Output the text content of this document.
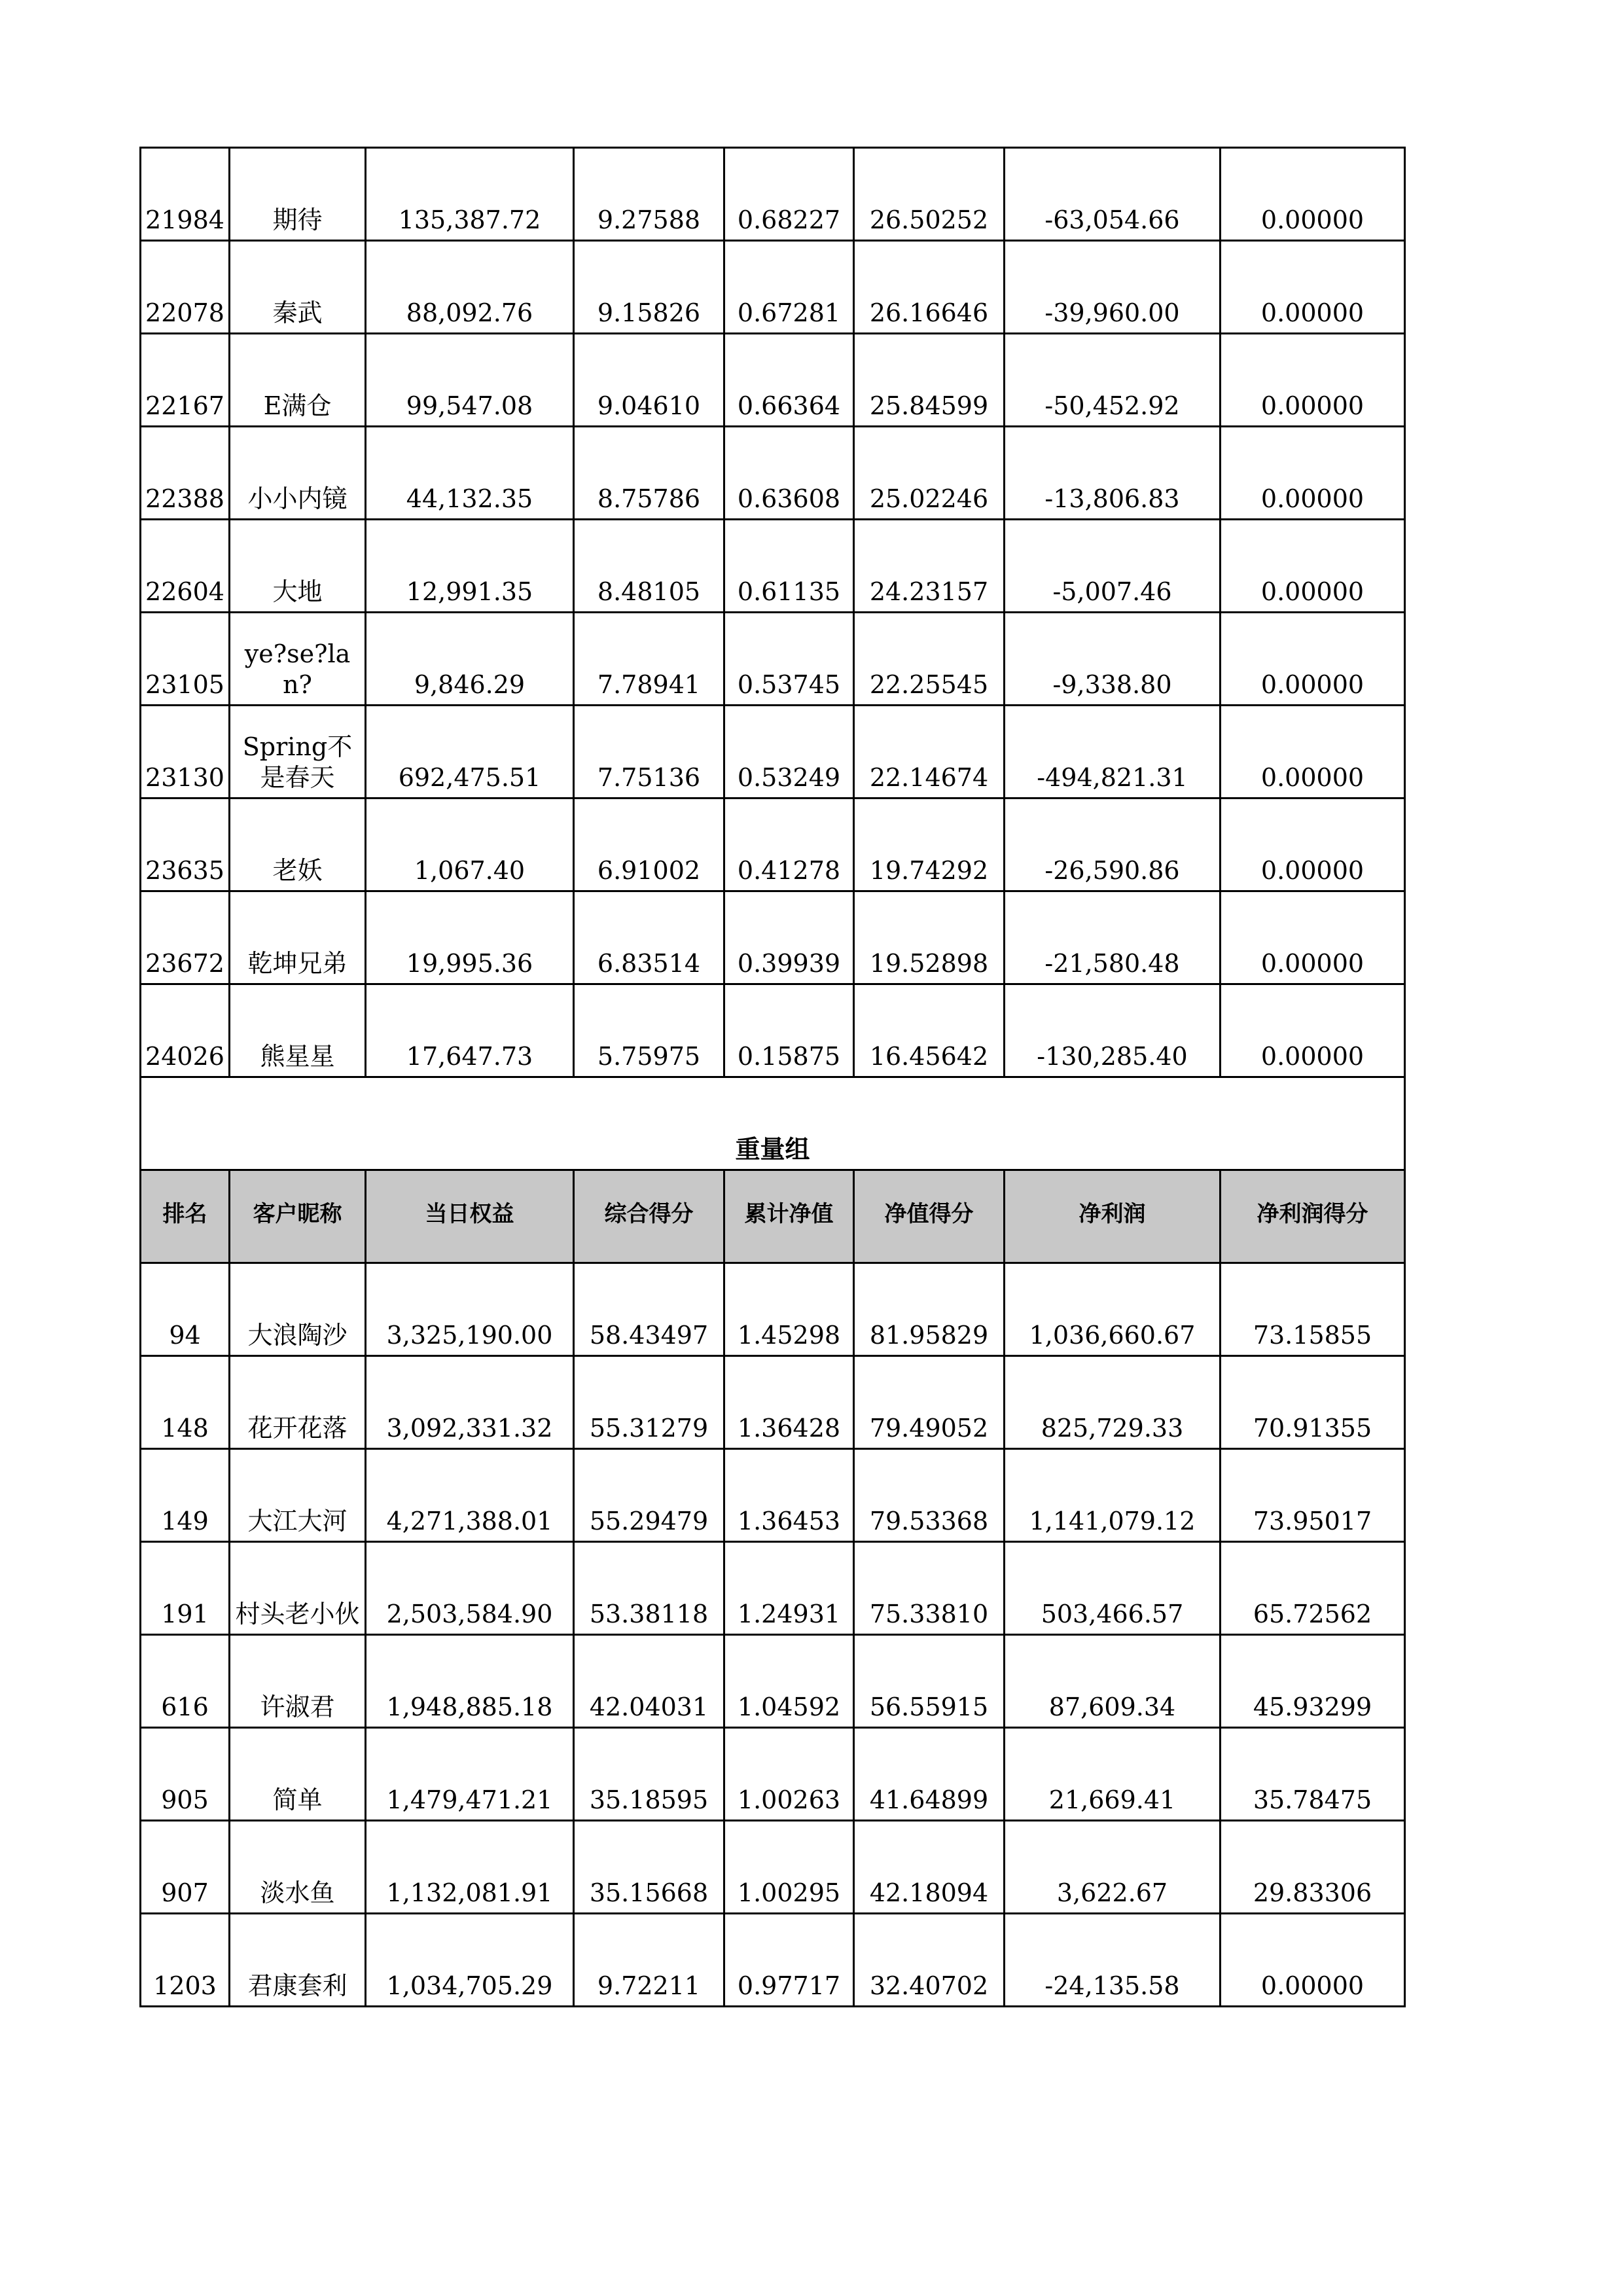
21984	期待	135,387.72	9.27588	0.68227	26.50252	-63,054.66	0.00000
22078	秦武	88,092.76	9.15826	0.67281	26.16646	-39,960.00	0.00000
22167	E满仓	99,547.08	9.04610	0.66364	25.84599	-50,452.92	0.00000
22388	小小内镜	44,132.35	8.75786	0.63608	25.02246	-13,806.83	0.00000
22604	大地	12,991.35	8.48105	0.61135	24.23157	-5,007.46	0.00000
23105	ye?se?lan?	9,846.29	7.78941	0.53745	22.25545	-9,338.80	0.00000
23130	Spring不是春天	692,475.51	7.75136	0.53249	22.14674	-494,821.31	0.00000
23635	老妖	1,067.40	6.91002	0.41278	19.74292	-26,590.86	0.00000
23672	乾坤兄弟	19,995.36	6.83514	0.39939	19.52898	-21,580.48	0.00000
24026	熊星星	17,647.73	5.75975	0.15875	16.45642	-130,285.40	0.00000
重量组							
排名	客户昵称	当日权益	综合得分	累计净值	净值得分	净利润	净利润得分
94	大浪陶沙	3,325,190.00	58.43497	1.45298	81.95829	1,036,660.67	73.15855
148	花开花落	3,092,331.32	55.31279	1.36428	79.49052	825,729.33	70.91355
149	大江大河	4,271,388.01	55.29479	1.36453	79.53368	1,141,079.12	73.95017
191	村头老小伙	2,503,584.90	53.38118	1.24931	75.33810	503,466.57	65.72562
616	许淑君	1,948,885.18	42.04031	1.04592	56.55915	87,609.34	45.93299
905	简单	1,479,471.21	35.18595	1.00263	41.64899	21,669.41	35.78475
907	淡水鱼	1,132,081.91	35.15668	1.00295	42.18094	3,622.67	29.83306
1203	君康套利	1,034,705.29	9.72211	0.97717	32.40702	-24,135.58	0.00000
